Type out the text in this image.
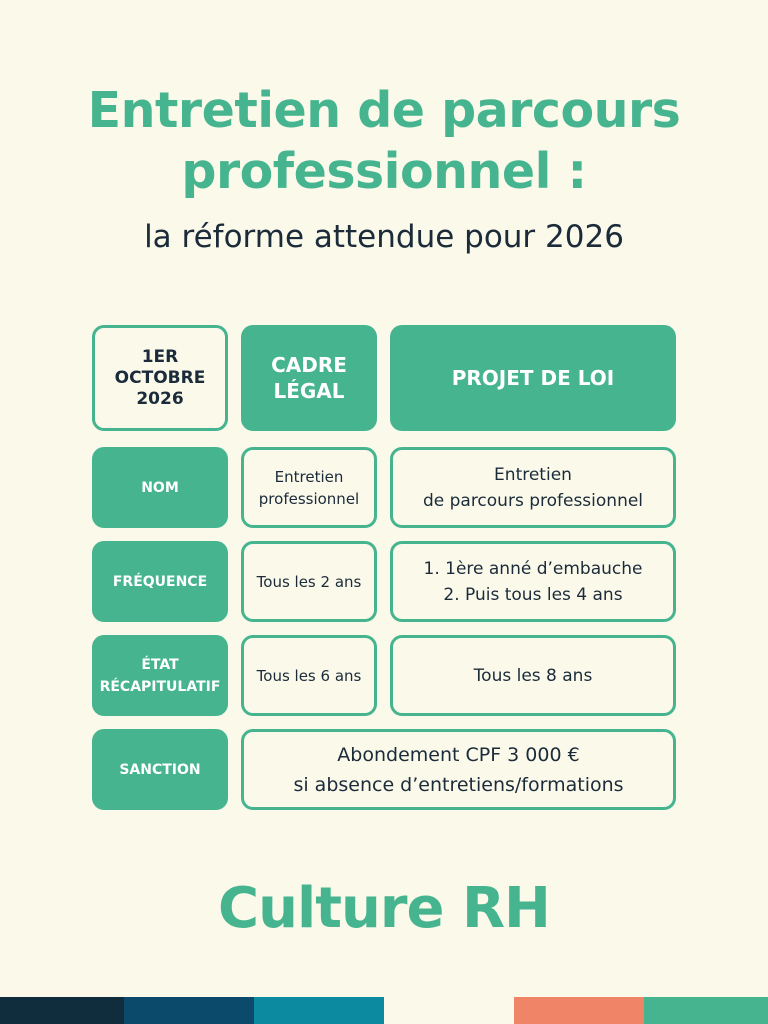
Entretien de parcours
professionnel :
la réforme attendue pour 2026
1ER
OCTOBRE
2026
CADRE
LÉGAL
PROJET DE LOI
NOM
Entretien
professionnel
Entretien
de parcours professionnel
FRÉQUENCE	Tous les 2 ans
1. 1ère anné d’embauche
2. Puis tous les 4 ans
ÉTAT
RÉCAPITULATIF
Tous les 6 ans	Tous les 8 ans
SANCTION
Abondement CPF 3 000 €
si absence d’entretiens/formations
Culture RH
